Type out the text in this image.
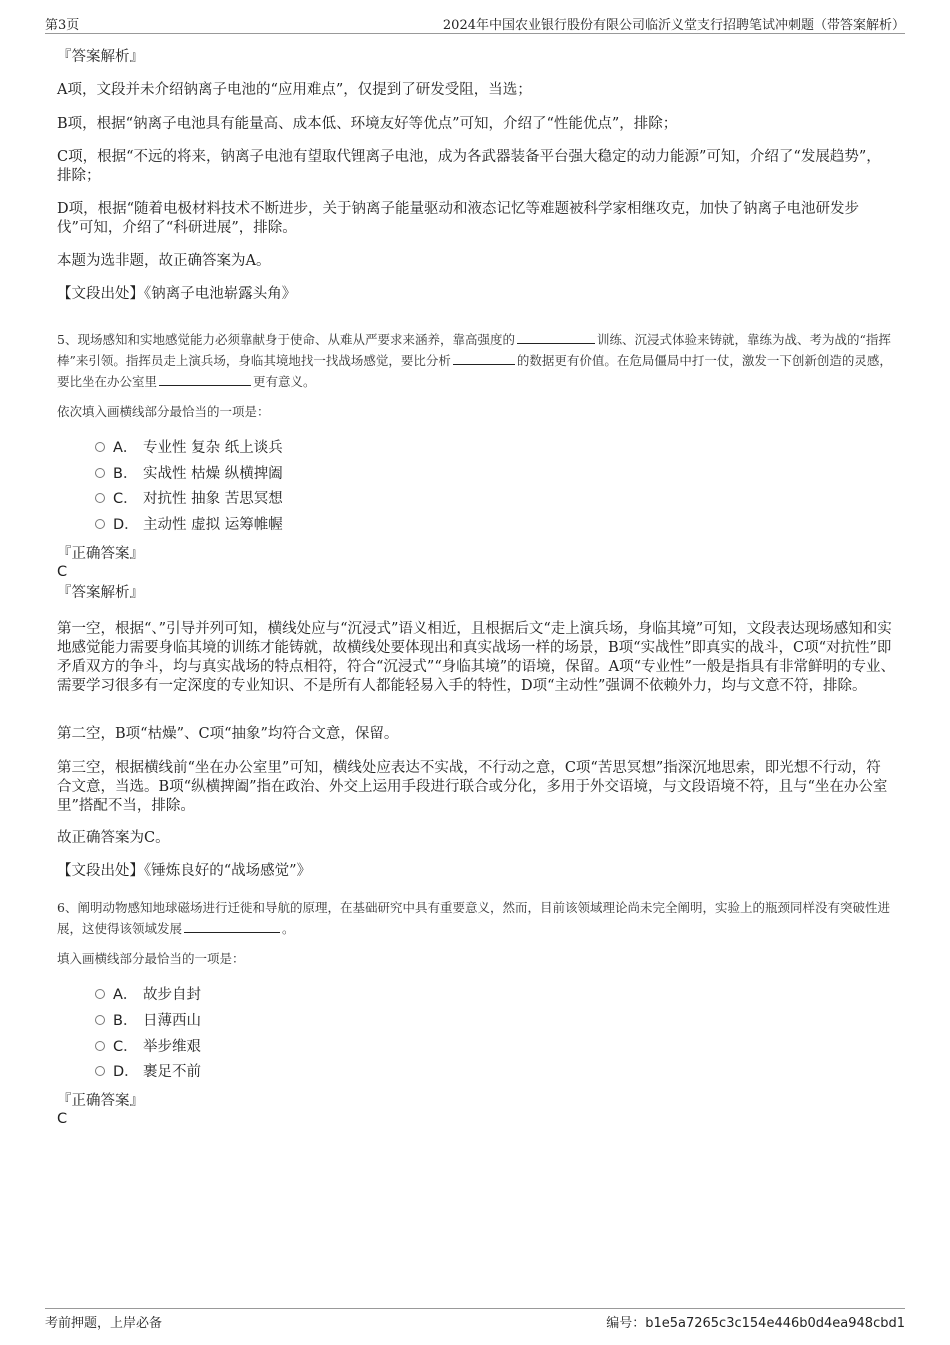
第3页	2024年中国农业银行股份有限公司临沂义堂支行招聘笔试冲刺题（带答案解析）
『答案解析』
A项，文段并未介绍钠离子电池的“应用难点”，仅提到了研发受阻，当选；
B项，根据“钠离子电池具有能量高、成本低、环境友好等优点”可知，介绍了“性能优点”，排除；
C项，根据“不远的将来，钠离子电池有望取代锂离子电池，成为各武器装备平台强大稳定的动力能源”可知，介绍了“发展趋势”，排除；
D项，根据“随着电极材料技术不断进步，关于钠离子能量驱动和液态记忆等难题被科学家相继攻克，加快了钠离子电池研发步伐”可知，介绍了“科研进展”，排除。
本题为选非题，故正确答案为A。
【文段出处】《钠离子电池崭露头角》
5、现场感知和实地感觉能力必须靠献身于使命、从难从严要求来涵养，靠高强度的	训练、沉浸式体验来铸就，靠练为战、考为战的“指挥棒”来引领。指挥员走上演兵场，身临其境地找一找战场感觉，要比分析	的数据更有价值。在危局僵局中打一仗，激发一下创新创造的灵感，要比坐在办公室里	更有意义。
依次填入画横线部分最恰当的一项是：
A． 专业性 复杂 纸上谈兵
B． 实战性 枯燥 纵横捭阖
C． 对抗性 抽象 苦思冥想
D． 主动性 虚拟 运筹帷幄
『正确答案』
C
『答案解析』
第一空，根据“、”引导并列可知，横线处应与“沉浸式”语义相近，且根据后文“走上演兵场，身临其境”可知，文段表达现场感知和实地感觉能力需要身临其境的训练才能铸就，故横线处要体现出和真实战场一样的场景，B项“实战性”即真实的战斗，C项“对抗性”即矛盾双方的争斗，均与真实战场的特点相符，符合“沉浸式”“身临其境”的语境，保留。A项“专业性”一般是指具有非常鲜明的专业、需要学习很多有一定深度的专业知识、不是所有人都能轻易入手的特性，D项“主动性”强调不依赖外力，均与文意不符，排除。
第二空，B项“枯燥”、C项“抽象”均符合文意，保留。
第三空，根据横线前“坐在办公室里”可知，横线处应表达不实战，不行动之意，C项“苦思冥想”指深沉地思索，即光想不行动，符合文意，当选。B项“纵横捭阖”指在政治、外交上运用手段进行联合或分化，多用于外交语境，与文段语境不符，且与“坐在办公室里”搭配不当，排除。
故正确答案为C。
【文段出处】《锤炼良好的“战场感觉”》
6、阐明动物感知地球磁场进行迁徙和导航的原理，在基础研究中具有重要意义，然而，目前该领域理论尚未完全阐明，实验上的瓶颈同样没有突破性进展，这使得该领域发展	。
填入画横线部分最恰当的一项是：
A． 故步自封
B． 日薄西山
C． 举步维艰
D． 裹足不前
『正确答案』
C
考前押题，上岸必备	编号：b1e5a7265c3c154e446b0d4ea948cbd1
